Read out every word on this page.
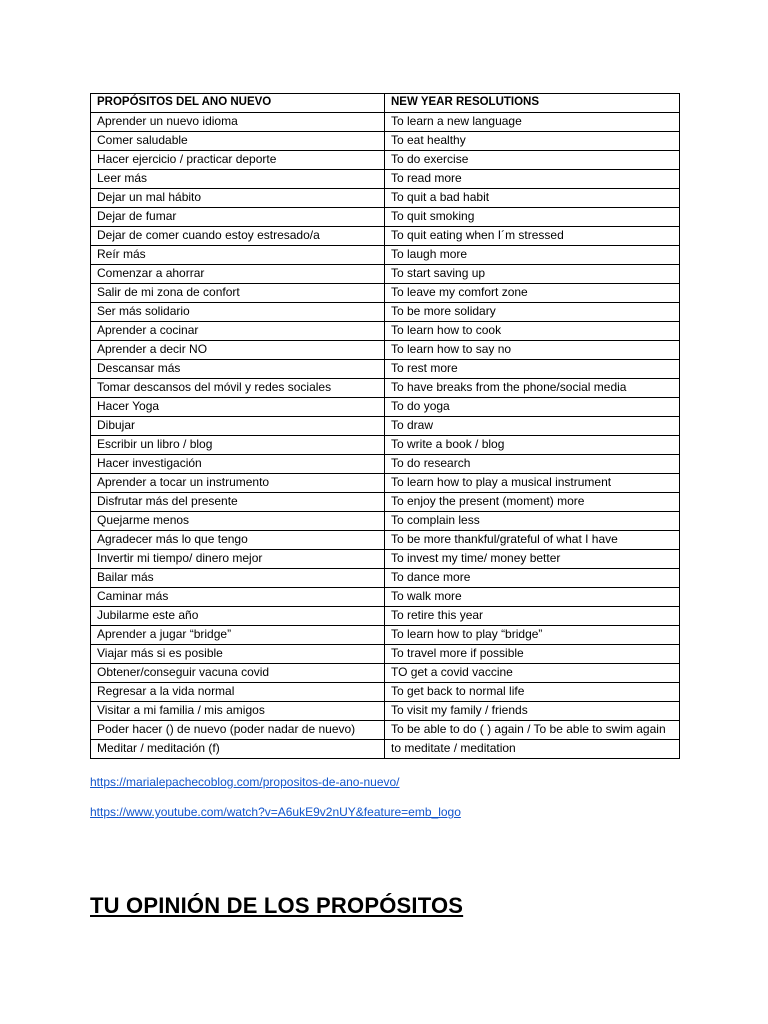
PROPÓSITOS DEL ANO NUEVO	NEW YEAR RESOLUTIONS
Aprender un nuevo idioma	To learn a new language
Comer saludable	To eat healthy
Hacer ejercicio / practicar deporte	To do exercise
Leer más	To read more
Dejar un mal hábito	To quit a bad habit
Dejar de fumar	To quit smoking
Dejar de comer cuando estoy estresado/a	To quit eating when I´m stressed
Reír más	To laugh more
Comenzar a ahorrar	To start saving up
Salir de mi zona de confort	To leave my comfort zone
Ser más solidario	To be more solidary
Aprender a cocinar	To learn how to cook
Aprender a decir NO	To learn how to say no
Descansar más	To rest more
Tomar descansos del móvil y redes sociales	To have breaks from the phone/social media
Hacer Yoga	To do yoga
Dibujar	To draw
Escribir un libro / blog	To write a book / blog
Hacer investigación	To do research
Aprender a tocar un instrumento	To learn how to play a musical instrument
Disfrutar más del presente	To enjoy the present (moment) more
Quejarme menos	To complain less
Agradecer más lo que tengo	To be more thankful/grateful of what I have
Invertir mi tiempo/ dinero mejor	To invest my time/ money better
Bailar más	To dance more
Caminar más	To walk more
Jubilarme este año	To retire this year
Aprender a jugar “bridge”	To learn how to play “bridge”
Viajar más si es posible	To travel more if possible
Obtener/conseguir vacuna covid	TO get a covid vaccine
Regresar a la vida normal	To get back to normal life
Visitar a mi familia / mis amigos	To visit my family / friends
Poder hacer () de nuevo (poder nadar de nuevo)	To be able to do ( ) again / To be able to swim again
Meditar / meditación (f)	to meditate / meditation
https://marialepachecoblog.com/propositos-de-ano-nuevo/
https://www.youtube.com/watch?v=A6ukE9v2nUY&feature=emb_logo
TU OPINIÓN DE LOS PROPÓSITOS
